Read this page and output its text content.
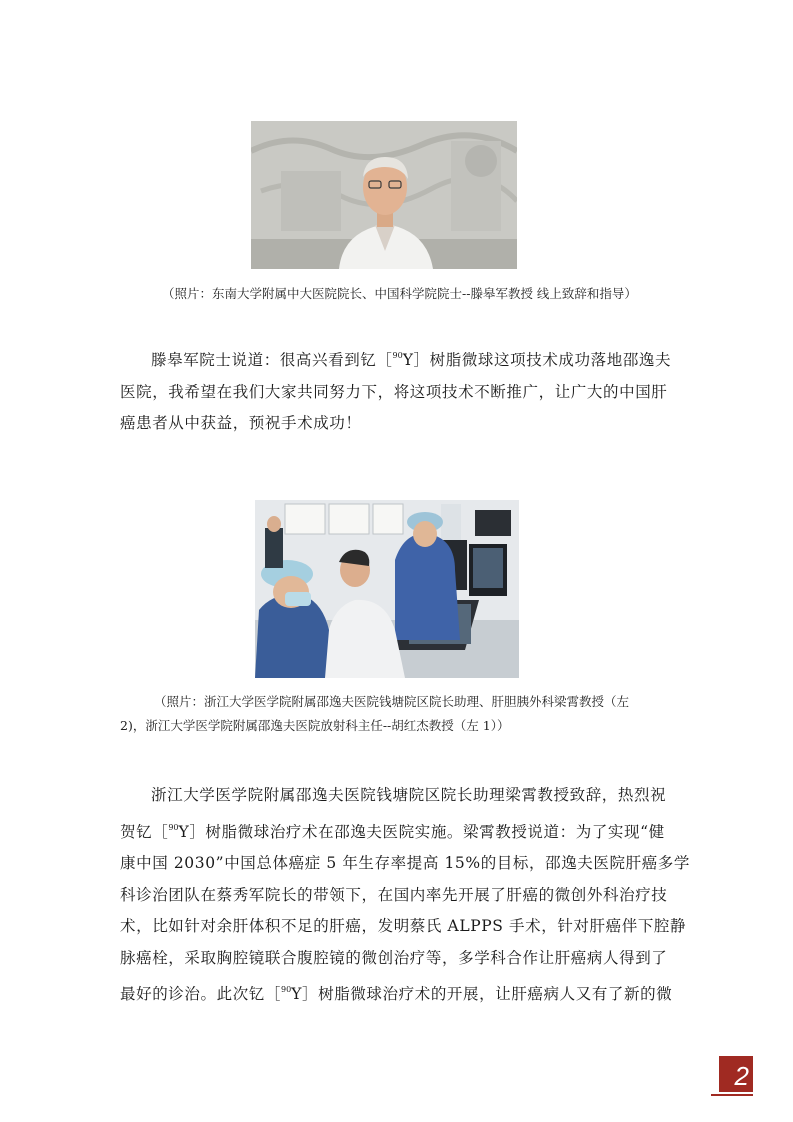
（照片：东南大学附属中大医院院长、中国科学院院士--滕皋军教授 线上致辞和指导）
滕皋军院士说道：很高兴看到钇［$^{90}$Y］树脂微球这项技术成功落地邵逸夫
医院，我希望在我们大家共同努力下，将这项技术不断推广，让广大的中国肝
癌患者从中获益，预祝手术成功！
（照片：浙江大学医学院附属邵逸夫医院钱塘院区院长助理、肝胆胰外科梁霄教授（左
2)，浙江大学医学院附属邵逸夫医院放射科主任--胡红杰教授（左 1））
浙江大学医学院附属邵逸夫医院钱塘院区院长助理梁霄教授致辞，热烈祝
贺钇［$^{90}$Y］树脂微球治疗术在邵逸夫医院实施。梁霄教授说道：为了实现“健
康中国 2030”中国总体癌症 5 年生存率提高 15%的目标，邵逸夫医院肝癌多学
科诊治团队在蔡秀军院长的带领下，在国内率先开展了肝癌的微创外科治疗技
术，比如针对余肝体积不足的肝癌，发明蔡氏 ALPPS 手术，针对肝癌伴下腔静
脉癌栓，采取胸腔镜联合腹腔镜的微创治疗等，多学科合作让肝癌病人得到了
最好的诊治。此次钇［$^{90}$Y］树脂微球治疗术的开展，让肝癌病人又有了新的微
2
